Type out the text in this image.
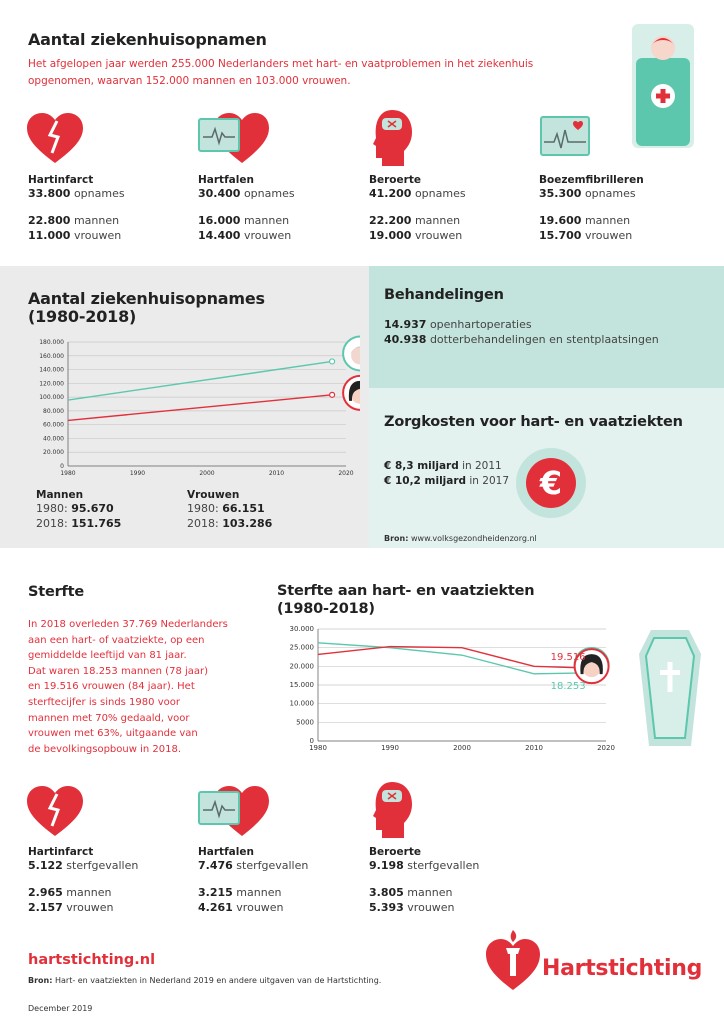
Aantal ziekenhuisopnamen
Het afgelopen jaar werden 255.000 Nederlanders met hart- en vaatproblemen in het ziekenhuis
opgenomen, waarvan 152.000 mannen en 103.000 vrouwen.
Hartinfarct
33.800 opnames
22.800 mannen
11.000 vrouwen
Hartfalen
30.400 opnames
16.000 mannen
14.400 vrouwen
Beroerte
41.200 opnames
22.200 mannen
19.000 vrouwen
Boezemfibrilleren
35.300 opnames
19.600 mannen
15.700 vrouwen
Aantal ziekenhuisopnames
(1980-2018)
0
20.000
40.000
60.000
80.000
100.000
120.000
140.000
160.000
180.000
1980	1990	2000	2010	2020
Mannen
1980: 95.670
2018: 151.765
Vrouwen
1980: 66.151
2018: 103.286
Behandelingen
14.937 openhartoperaties
40.938 dotterbehandelingen en stentplaatsingen
Zorgkosten voor hart- en vaatziekten
€ 8,3 miljard in 2011
€ 10,2 miljard in 2017 €
Bron: www.volksgezondheidenzorg.nl
Sterfte
In 2018 overleden 37.769 Nederlanders
aan een hart- of vaatziekte, op een
gemiddelde leeftijd van 81 jaar.
Dat waren 18.253 mannen (78 jaar)
en 19.516 vrouwen (84 jaar). Het
sterftecijfer is sinds 1980 voor
mannen met 70% gedaald, voor
vrouwen met 63%, uitgaande van
de bevolkingsopbouw in 2018.
Sterfte aan hart- en vaatziekten
(1980-2018)
0
5000
10.000
15.000
20.000
25.000
30.000
1980	1990	2000	2010	2020
19.516
18.253
Hartinfarct
5.122 sterfgevallen
2.965 mannen
2.157 vrouwen
Hartfalen
7.476 sterfgevallen
3.215 mannen
4.261 vrouwen
Beroerte
9.198 sterfgevallen
3.805 mannen
5.393 vrouwen
hartstichting.nl
Bron: Hart- en vaatziekten in Nederland 2019 en andere uitgaven van de Hartstichting.
December 2019
Hartstichting
